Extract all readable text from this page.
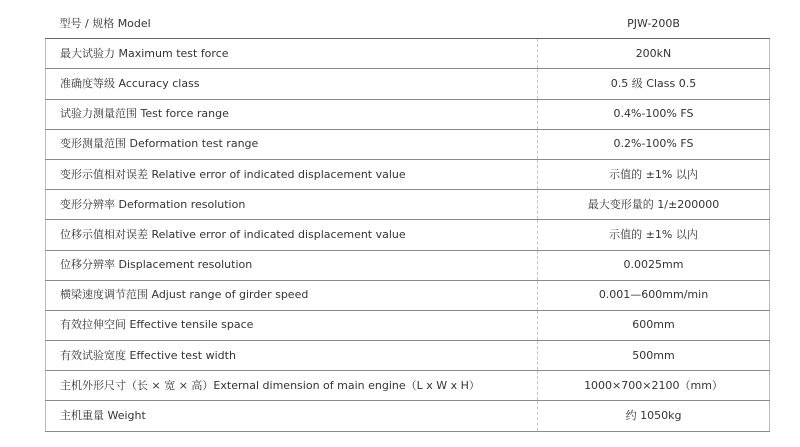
型号 / 规格 Model	PJW-200B
最大试验力 Maximum test force	200kN
准确度等级 Accuracy class	0.5 级 Class 0.5
试验力测量范围 Test force range	0.4%-100% FS
变形测量范围 Deformation test range	0.2%-100% FS
变形示值相对误差 Relative error of indicated displacement value	示值的 ±1% 以内
变形分辨率 Deformation resolution	最大变形量的 1/±200000
位移示值相对误差 Relative error of indicated displacement value	示值的 ±1% 以内
位移分辨率 Displacement resolution	0.0025mm
横梁速度调节范围 Adjust range of girder speed	0.001—600mm/min
有效拉伸空间 Effective tensile space	600mm
有效试验宽度 Effective test width	500mm
主机外形尺寸（长 × 宽 × 高）External dimension of main engine（L x W x H）	1000×700×2100（mm）
主机重量 Weight	约 1050kg
